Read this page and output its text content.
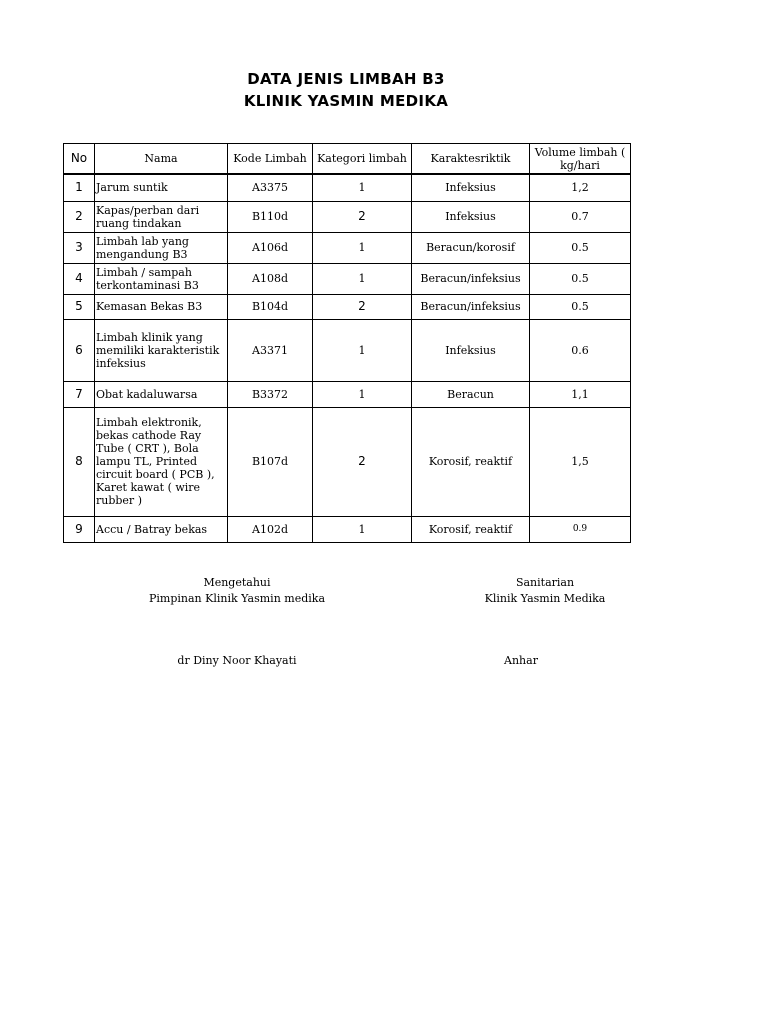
DATA JENIS LIMBAH B3
KLINIK YASMIN MEDIKA
No	Nama	Kode Limbah	Kategori limbah	Karaktesriktik	Volume limbah ( kg/hari
1	Jarum suntik	A3375	1	Infeksius	1,2
2	Kapas/perban dari ruang tindakan	B110d	2	Infeksius	0.7
3	Limbah lab yang mengandung B3	A106d	1	Beracun/korosif	0.5
4	Limbah / sampah terkontaminasi B3	A108d	1	Beracun/infeksius	0.5
5	Kemasan Bekas B3	B104d	2	Beracun/infeksius	0.5
6	Limbah klinik yang memiliki karakteristik infeksius	A3371	1	Infeksius	0.6
7	Obat kadaluwarsa	B3372	1	Beracun	1,1
8	Limbah elektronik, bekas cathode Ray Tube ( CRT ), Bola lampu TL, Printed circuit board ( PCB ), Karet kawat ( wire rubber )	B107d	2	Korosif, reaktif	1,5
9	Accu / Batray bekas	A102d	1	Korosif, reaktif	0.9
Mengetahui
Pimpinan Klinik Yasmin medika
dr Diny Noor Khayati
Sanitarian
Klinik Yasmin Medika
Anhar
